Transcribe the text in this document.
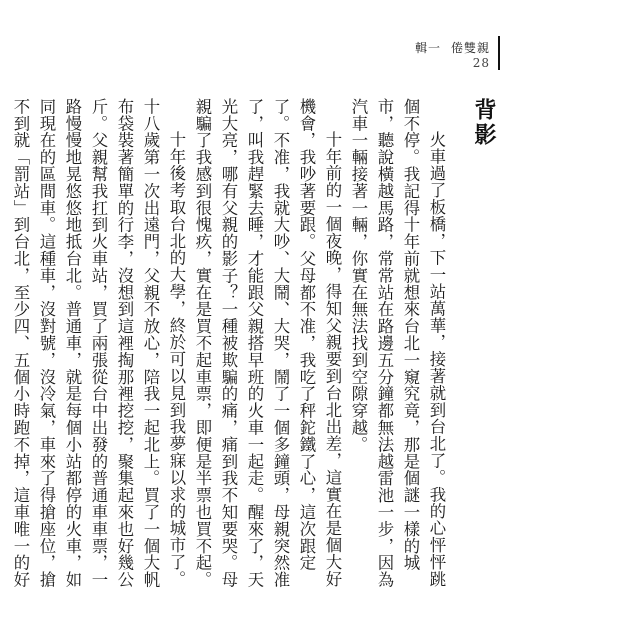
輯一 倦雙親
28
背影

火車過了板橋，下一站萬華，接著就到台北了。我的心怦怦跳個不停。我記得十年前就想來台北一窺究竟，那是個謎一樣的城市，聽說橫越馬路，常常站在路邊五分鐘都無法越雷池一步，因為汽車一輛接著一輛，你實在無法找到空隙穿越。

十年前的一個夜晚，得知父親要到台北出差，這實在是個大好機會，我吵著要跟。父母都不准，我吃了秤鉈鐵了心，這次跟定了。不准，我就大吵、大鬧、大哭，鬧了一個多鐘頭，母親突然准了，叫我趕緊去睡，才能跟父親搭早班的火車一起走。醒來了，天光大亮，哪有父親的影子？一種被欺騙的痛，痛到我不知要哭。母親騙了我感到很愧疚，實在是買不起車票，即便是半票也買不起。

十年後考取台北的大學，終於可以見到我夢寐以求的城市了。十八歲第一次出遠門，父親不放心，陪我一起北上。買了一個大帆布袋裝著簡單的行李，沒想到這裡掏那裡挖挖，聚集起來也好幾公斤。父親幫我扛到火車站，買了兩張從台中出發的普通車車票，一路慢慢地晃悠悠地抵台北。普通車，就是每個小站都停的火車，如同現在的區間車。這種車，沒對號，沒冷氣，車來了得搶座位，搶不到就「罰站」到台北，至少四、五個小時跑不掉，這車唯一的好
